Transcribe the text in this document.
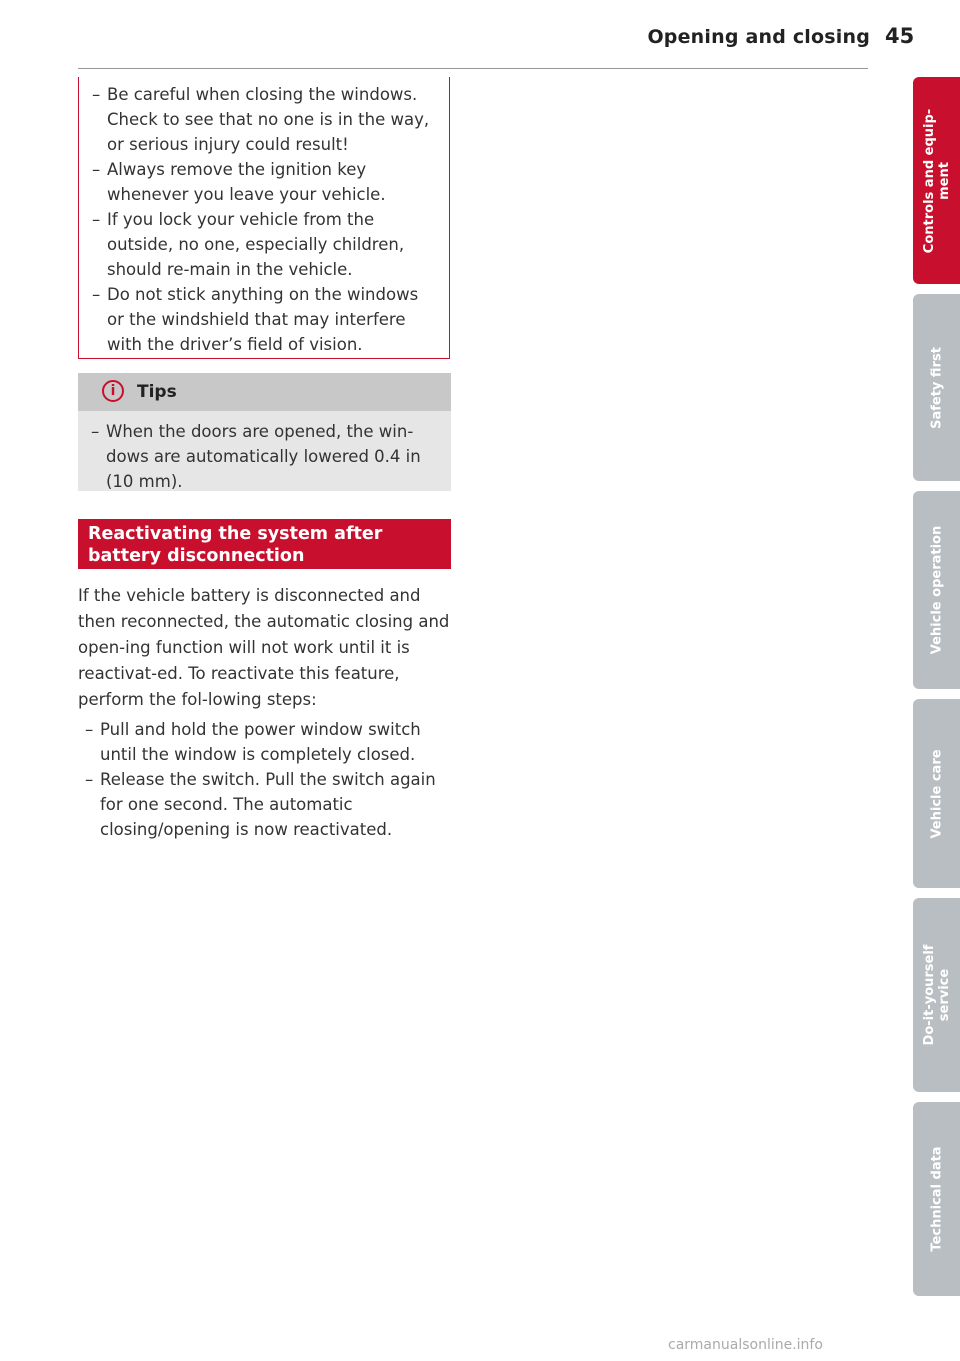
Opening and closing 45
– Be careful when closing the windows. Check to see that no one is in the way, or serious injury could result!
– Always remove the ignition key whenever you leave your vehicle.
– If you lock your vehicle from the outside, no one, especially children, should re-main in the vehicle.
– Do not stick anything on the windows or the windshield that may interfere with the driver’s field of vision.
i	Tips
– When the doors are opened, the win-dows are automatically lowered 0.4 in (10 mm).
Reactivating the system after battery disconnection
If the vehicle battery is disconnected and then reconnected, the automatic closing and open-ing function will not work until it is reactivat-ed. To reactivate this feature, perform the fol-lowing steps:
– Pull and hold the power window switch until the window is completely closed.
– Release the switch. Pull the switch again for one second. The automatic closing/opening is now reactivated.
Controls and equip-
ment
Safety first
Vehicle operation
Vehicle care
Do-it-yourself
service
Technical data
carmanualsonline.info
